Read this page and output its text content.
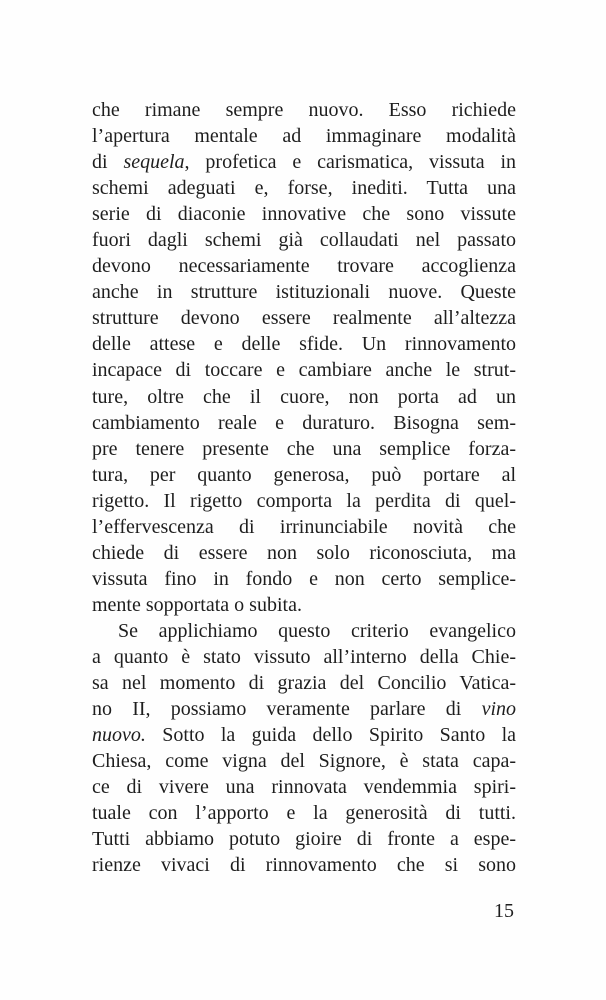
che rimane sempre nuovo. Esso richiede
l’apertura mentale ad immaginare modalità
di sequela, profetica e carismatica, vissuta in
schemi adeguati e, forse, inediti. Tutta una
serie di diaconie innovative che sono vissute
fuori dagli schemi già collaudati nel passato
devono necessariamente trovare accoglienza
anche in strutture istituzionali nuove. Queste
strutture devono essere realmente all’altezza
delle attese e delle sfide. Un rinnovamento
incapace di toccare e cambiare anche le strut-
ture, oltre che il cuore, non porta ad un
cambiamento reale e duraturo. Bisogna sem-
pre tenere presente che una semplice forza-
tura, per quanto generosa, può portare al
rigetto. Il rigetto comporta la perdita di quel-
l’effervescenza di irrinunciabile novità che
chiede di essere non solo riconosciuta, ma
vissuta fino in fondo e non certo semplice-
mente sopportata o subita.
Se applichiamo questo criterio evangelico
a quanto è stato vissuto all’interno della Chie-
sa nel momento di grazia del Concilio Vatica-
no II, possiamo veramente parlare di vino
nuovo. Sotto la guida dello Spirito Santo la
Chiesa, come vigna del Signore, è stata capa-
ce di vivere una rinnovata vendemmia spiri-
tuale con l’apporto e la generosità di tutti.
Tutti abbiamo potuto gioire di fronte a espe-
rienze vivaci di rinnovamento che si sono
15
